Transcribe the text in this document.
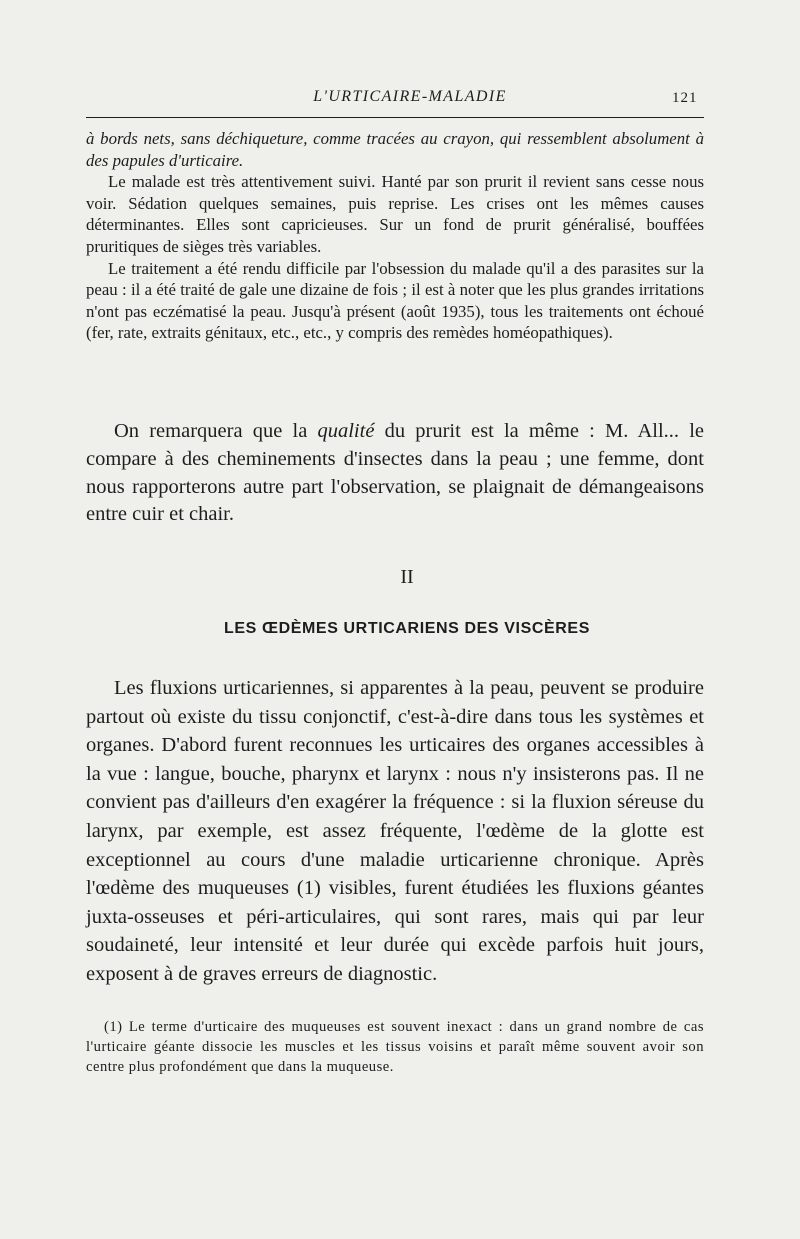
L'URTICAIRE-MALADIE	121

à bords nets, sans déchiqueture, comme tracées au crayon, qui ressemblent absolument à des papules d'urticaire.

Le malade est très attentivement suivi. Hanté par son prurit il revient sans cesse nous voir. Sédation quelques semaines, puis reprise. Les crises ont les mêmes causes déterminantes. Elles sont capricieuses. Sur un fond de prurit généralisé, bouffées pruritiques de sièges très variables.

Le traitement a été rendu difficile par l'obsession du malade qu'il a des parasites sur la peau : il a été traité de gale une dizaine de fois ; il est à noter que les plus grandes irritations n'ont pas eczématisé la peau. Jusqu'à présent (août 1935), tous les traitements ont échoué (fer, rate, extraits génitaux, etc., etc., y compris des remèdes homéopathiques).

On remarquera que la qualité du prurit est la même : M. All... le compare à des cheminements d'insectes dans la peau ; une femme, dont nous rapporterons autre part l'observation, se plaignait de démangeaisons entre cuir et chair.

II
LES ŒDÈMES URTICARIENS DES VISCÈRES

Les fluxions urticariennes, si apparentes à la peau, peuvent se produire partout où existe du tissu conjonctif, c'est-à-dire dans tous les systèmes et organes. D'abord furent reconnues les urticaires des organes accessibles à la vue : langue, bouche, pharynx et larynx : nous n'y insisterons pas. Il ne convient pas d'ailleurs d'en exagérer la fréquence : si la fluxion séreuse du larynx, par exemple, est assez fréquente, l'œdème de la glotte est exceptionnel au cours d'une maladie urticarienne chronique. Après l'œdème des muqueuses (1) visibles, furent étudiées les fluxions géantes juxta-osseuses et péri-articulaires, qui sont rares, mais qui par leur soudaineté, leur intensité et leur durée qui excède parfois huit jours, exposent à de graves erreurs de diagnostic.

(1) Le terme d'urticaire des muqueuses est souvent inexact : dans un grand nombre de cas l'urticaire géante dissocie les muscles et les tissus voisins et paraît même souvent avoir son centre plus profondément que dans la muqueuse.
